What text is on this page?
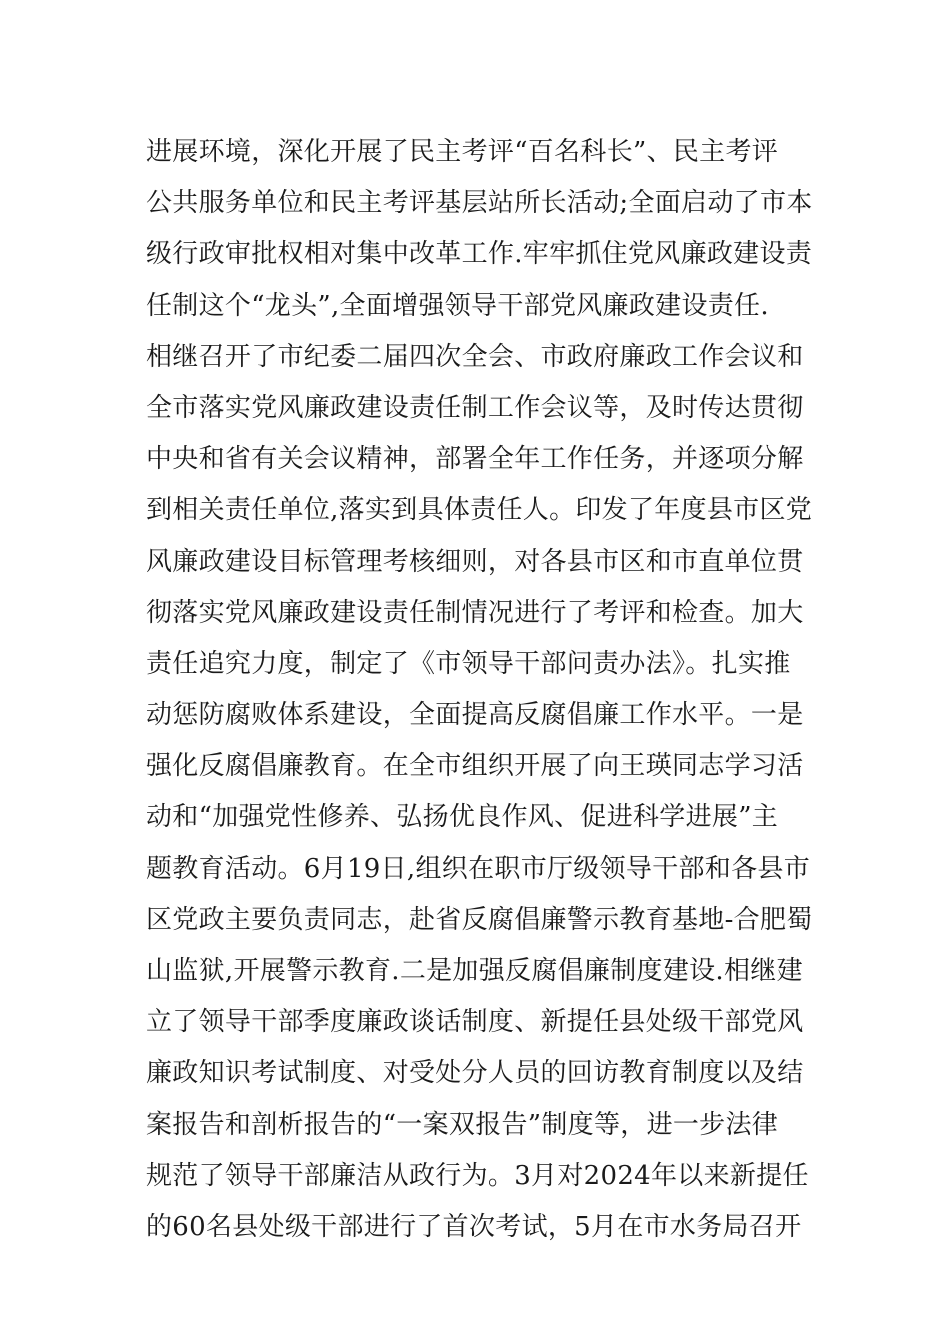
进展环境，深化开展了民主考评“百名科长”、民主考评
公共服务单位和民主考评基层站所长活动;全面启动了市本
级行政审批权相对集中改革工作.牢牢抓住党风廉政建设责
任制这个“龙头”,全面增强领导干部党风廉政建设责任.
相继召开了市纪委二届四次全会、市政府廉政工作会议和
全市落实党风廉政建设责任制工作会议等，及时传达贯彻
中央和省有关会议精神，部署全年工作任务，并逐项分解
到相关责任单位,落实到具体责任人。印发了年度县市区党
风廉政建设目标管理考核细则，对各县市区和市直单位贯
彻落实党风廉政建设责任制情况进行了考评和检查。加大
责任追究力度，制定了《市领导干部问责办法》。扎实推
动惩防腐败体系建设，全面提高反腐倡廉工作水平。一是
强化反腐倡廉教育。在全市组织开展了向王瑛同志学习活
动和“加强党性修养、弘扬优良作风、促进科学进展”主
题教育活动。6月19日,组织在职市厅级领导干部和各县市
区党政主要负责同志，赴省反腐倡廉警示教育基地-合肥蜀
山监狱,开展警示教育.二是加强反腐倡廉制度建设.相继建
立了领导干部季度廉政谈话制度、新提任县处级干部党风
廉政知识考试制度、对受处分人员的回访教育制度以及结
案报告和剖析报告的“一案双报告”制度等，进一步法律
规范了领导干部廉洁从政行为。3月对2024年以来新提任
的60名县处级干部进行了首次考试，5月在市水务局召开
